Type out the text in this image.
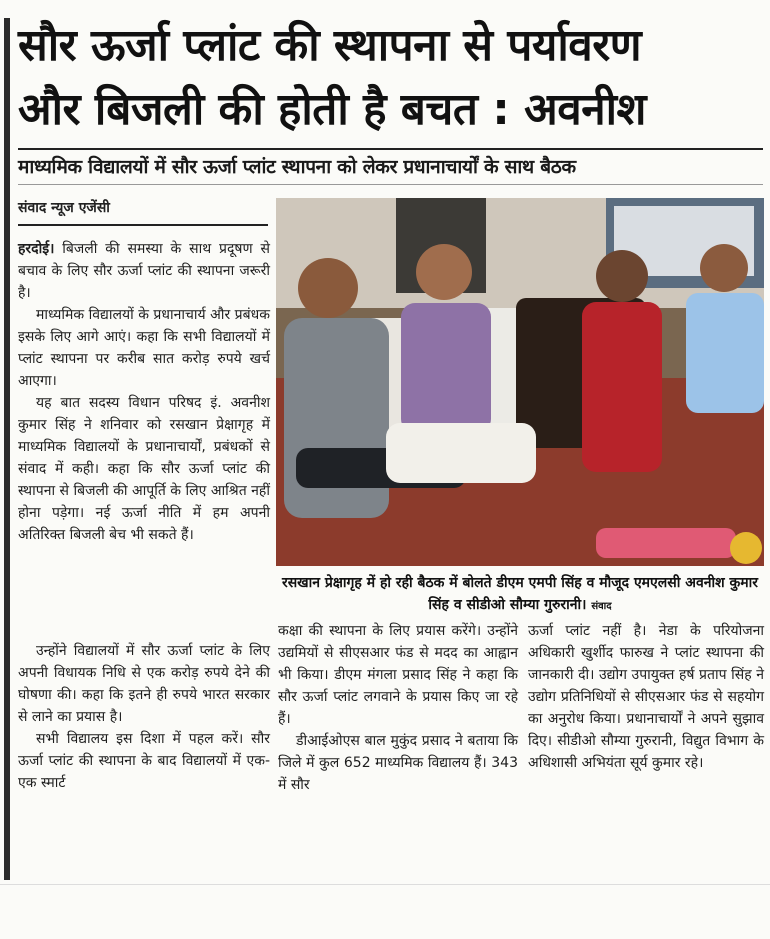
सौर ऊर्जा प्लांट की स्थापना से पर्यावरण
और बिजली की होती है बचत : अवनीश
माध्यमिक विद्यालयों में सौर ऊर्जा प्लांट स्थापना को लेकर प्रधानाचार्यों के साथ बैठक
संवाद न्यूज एजेंसी

हरदोई। बिजली की समस्या के साथ प्रदूषण से बचाव के लिए सौर ऊर्जा प्लांट की स्थापना जरूरी है।

माध्यमिक विद्यालयों के प्रधानाचार्य और प्रबंधक इसके लिए आगे आएं। कहा कि सभी विद्यालयों में प्लांट स्थापना पर करीब सात करोड़ रुपये खर्च आएगा।

यह बात सदस्य विधान परिषद इं. अवनीश कुमार सिंह ने शनिवार को रसखान प्रेक्षागृह में माध्यमिक विद्यालयों के प्रधानाचार्यों, प्रबंधकों से संवाद में कही। कहा कि सौर ऊर्जा प्लांट की स्थापना से बिजली की आपूर्ति के लिए आश्रित नहीं होना पड़ेगा। नई ऊर्जा नीति में हम अपनी अतिरिक्त बिजली बेच भी सकते हैं।

रसखान प्रेक्षागृह में हो रही बैठक में बोलते डीएम एमपी सिंह व मौजूद एमएलसी अवनीश कुमार सिंह व सीडीओ सौम्या गुरुरानी। संवाद

उन्होंने विद्यालयों में सौर ऊर्जा प्लांट के लिए अपनी विधायक निधि से एक करोड़ रुपये देने की घोषणा की। कहा कि इतने ही रुपये भारत सरकार से लाने का प्रयास है।

सभी विद्यालय इस दिशा में पहल करें। सौर ऊर्जा प्लांट की स्थापना के बाद विद्यालयों में एक-एक स्मार्ट

कक्षा की स्थापना के लिए प्रयास करेंगे। उन्होंने उद्यमियों से सीएसआर फंड से मदद का आह्वान भी किया। डीएम मंगला प्रसाद सिंह ने कहा कि सौर ऊर्जा प्लांट लगवाने के प्रयास किए जा रहे हैं।

डीआईओएस बाल मुकुंद प्रसाद ने बताया कि जिले में कुल 652 माध्यमिक विद्यालय हैं। 343 में सौर

ऊर्जा प्लांट नहीं है। नेडा के परियोजना अधिकारी खुर्शीद फारुख ने प्लांट स्थापना की जानकारी दी। उद्योग उपायुक्त हर्ष प्रताप सिंह ने उद्योग प्रतिनिधियों से सीएसआर फंड से सहयोग का अनुरोध किया। प्रधानाचार्यों ने अपने सुझाव दिए। सीडीओ सौम्या गुरुरानी, विद्युत विभाग के अधिशासी अभियंता सूर्य कुमार रहे।
